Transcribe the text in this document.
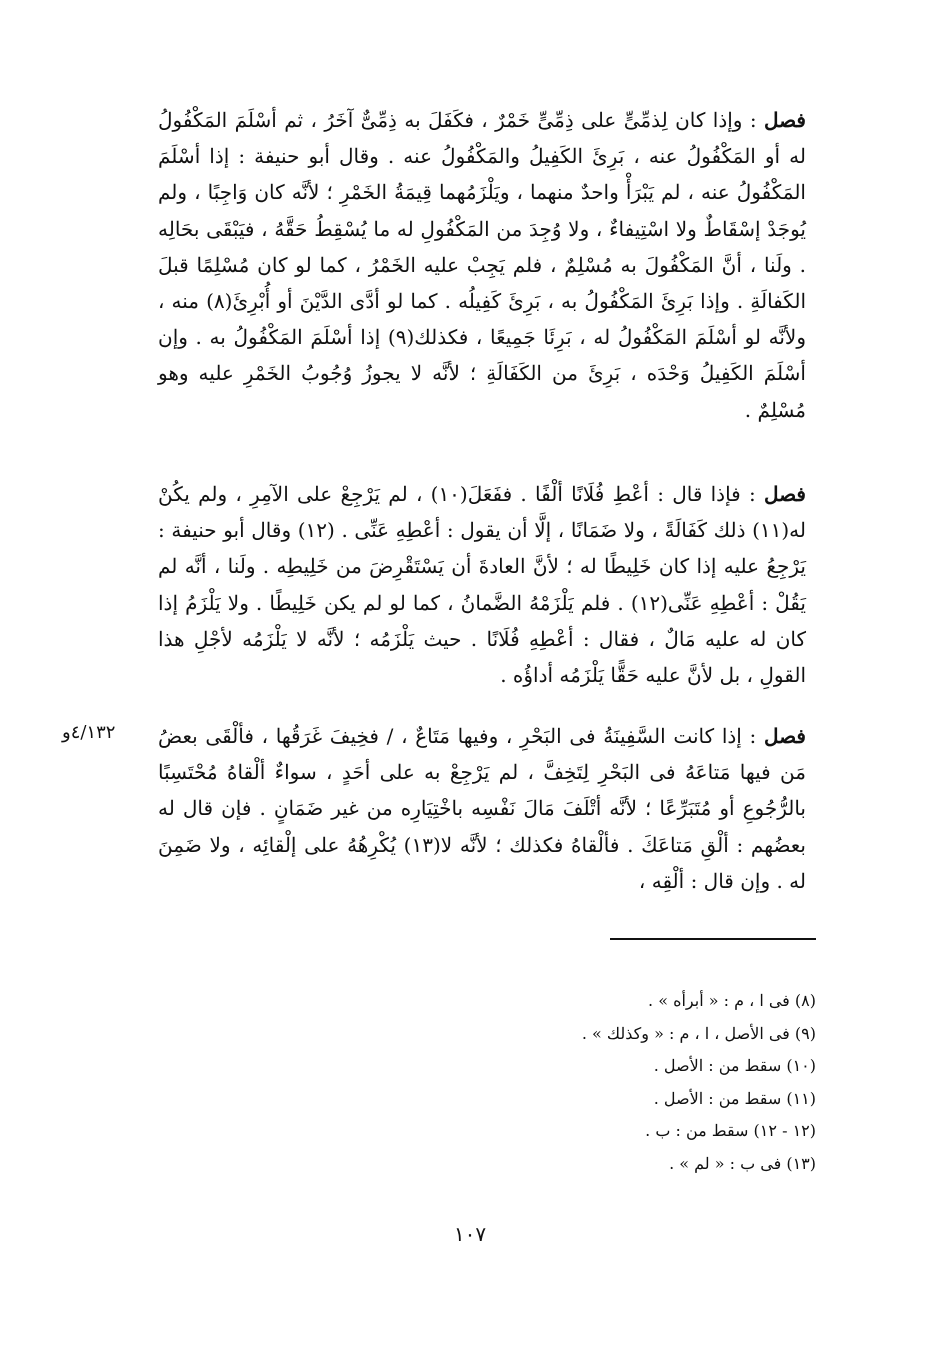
فصل : وإذا كان لِذمِّىٍّ على ذِمِّىٍّ خَمْرٌ ، فكَفَلَ به ذِمِّىٌّ آخَرُ ، ثم أسْلَمَ المَكْفُولُ له أو المَكْفُولُ عنه ، بَرِئَ الكَفِيلُ والمَكْفُولُ عنه . وقال أبو حنيفة : إذا أسْلَمَ المَكْفُولُ عنه ، لم يَبْرَأْ واحدٌ منهما ، ويَلْزَمُهما قِيمَةُ الخَمْرِ ؛ لأنَّه كان وَاجِبًا ، ولم يُوجَدْ إسْقَاطٌ ولا اسْتِيفاءٌ ، ولا وُجِدَ من المَكْفُولِ له ما يُسْقِطُ حَقَّهُ ، فيَبْقَى بحَالِه . ولَنا ، أنَّ المَكْفُولَ به مُسْلِمٌ ، فلم يَجِبْ عليه الخَمْرُ ، كما لو كان مُسْلِمًا قبلَ الكَفالَةِ . وإذا بَرِئَ المَكْفُولُ به ، بَرِئَ كَفِيلُه . كما لو أدَّى الدَّيْنَ أو أُبْرِئَ(٨) منه ، ولأنَّه لو أسْلَمَ المَكْفُولُ له ، بَرِئَا جَمِيعًا ، فكذلك(٩) إذا أسْلَمَ المَكْفُولُ به . وإن أسْلَمَ الكَفِيلُ وَحْدَه ، بَرِئَ من الكَفَالَةِ ؛ لأنَّه لا يجوزُ وُجُوبُ الخَمْرِ عليه وهو مُسْلِمٌ .
فصل : فإذا قال : أعْطِ فُلَانًا ألْفًا . ففَعَلَ(١٠) ، لم يَرْجِعْ على الآمِرِ ، ولم يكُنْ له(١١) ذلك كَفَالَةً ، ولا ضَمَانًا ، إلَّا أن يقول : أعْطِهِ عَنِّى . (١٢) وقال أبو حنيفة : يَرْجِعُ عليه إذا كان خَلِيطًا له ؛ لأنَّ العادةَ أن يَسْتَقْرِضَ من خَلِيطِه . ولَنا ، أنَّه لم يَقُلْ : أعْطِهِ عَنِّى(١٢) . فلم يَلْزَمْهُ الضَّمانُ ، كما لو لم يكن خَلِيطًا . ولا يَلْزَمُ إذا كان له عليه مَالٌ ، فقال : أعْطِهِ فُلَانًا . حيث يَلْزَمُه ؛ لأنَّه لا يَلْزَمُه لأجْلِ هذا القولِ ، بل لأنَّ عليه حَقًّا يَلْزَمُه أداؤُه .
فصل : إذا كانت السَّفِينَةُ فى البَحْرِ ، وفيها مَتَاعٌ ، / فخِيفَ غَرَقُها ، فألْقَى بعضُ مَن فيها مَتاعَهُ فى البَحْرِ لِتَخِفَّ ، لم يَرْجِعْ به على أحَدٍ ، سواءٌ ألْقاهُ مُحْتَسِبًا بالرُّجُوعِ أو مُتَبَرِّعًا ؛ لأنَّه أتْلَفَ مَالَ نَفْسِه باخْتِيَارِه من غير ضَمَانٍ . فإن قال له بعضُهم : ألْقِ مَتاعَكَ . فألْقاهُ فكذلك ؛ لأنَّه لا(١٣) يُكْرِهُهُ على إلْقائِه ، ولا ضَمِنَ له . وإن قال : ألْقِه ،
٤/١٣٢و
(٨) فى ا ، م : « أبرأه » .
(٩) فى الأصل ، ا ، م : « وكذلك » .
(١٠) سقط من : الأصل .
(١١) سقط من : الأصل .
(١٢ - ١٢) سقط من : ب .
(١٣) فى ب : « لم » .
١٠٧
